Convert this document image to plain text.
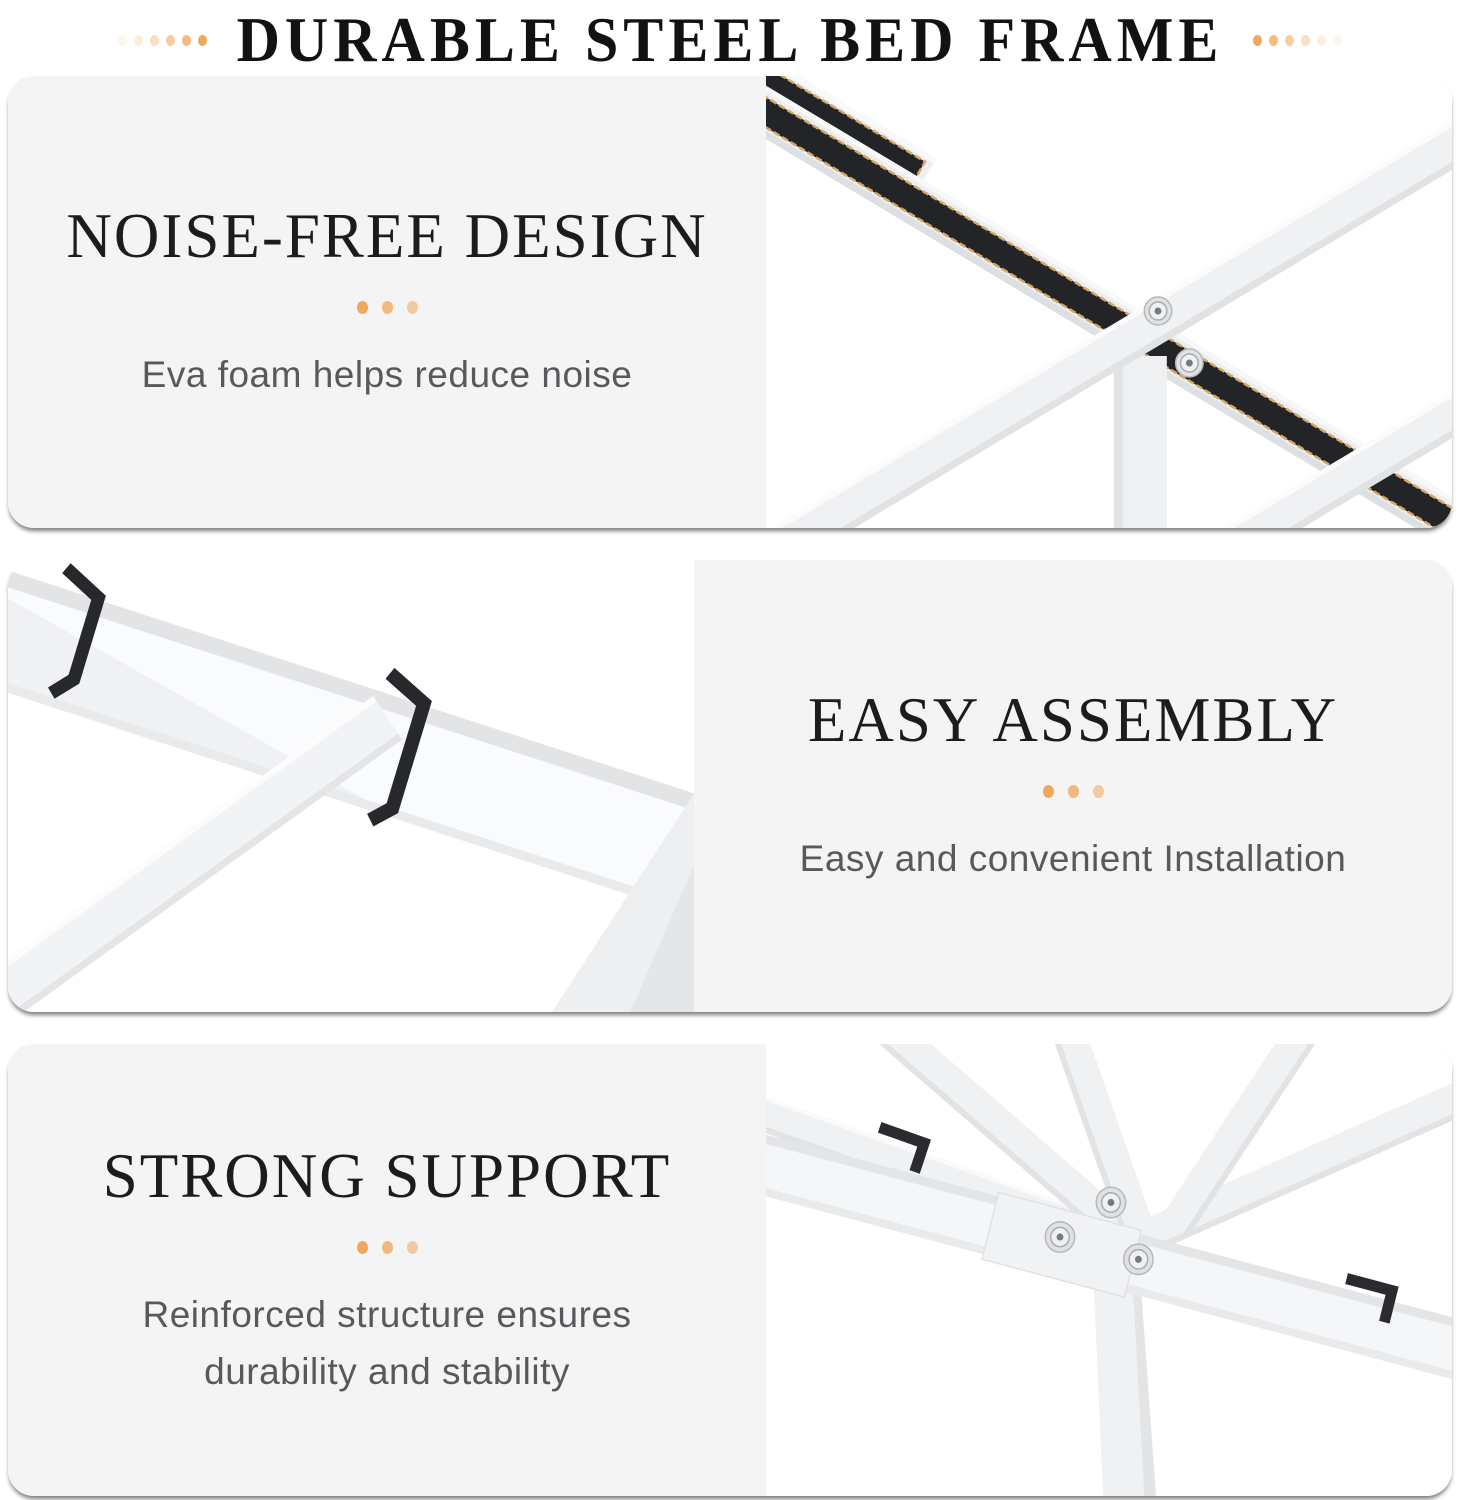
DURABLE STEEL BED FRAME
NOISE-FREE DESIGN

Eva foam helps reduce noise

EASY ASSEMBLY

Easy and convenient Installation

STRONG SUPPORT

Reinforced structure ensures durability and stability
